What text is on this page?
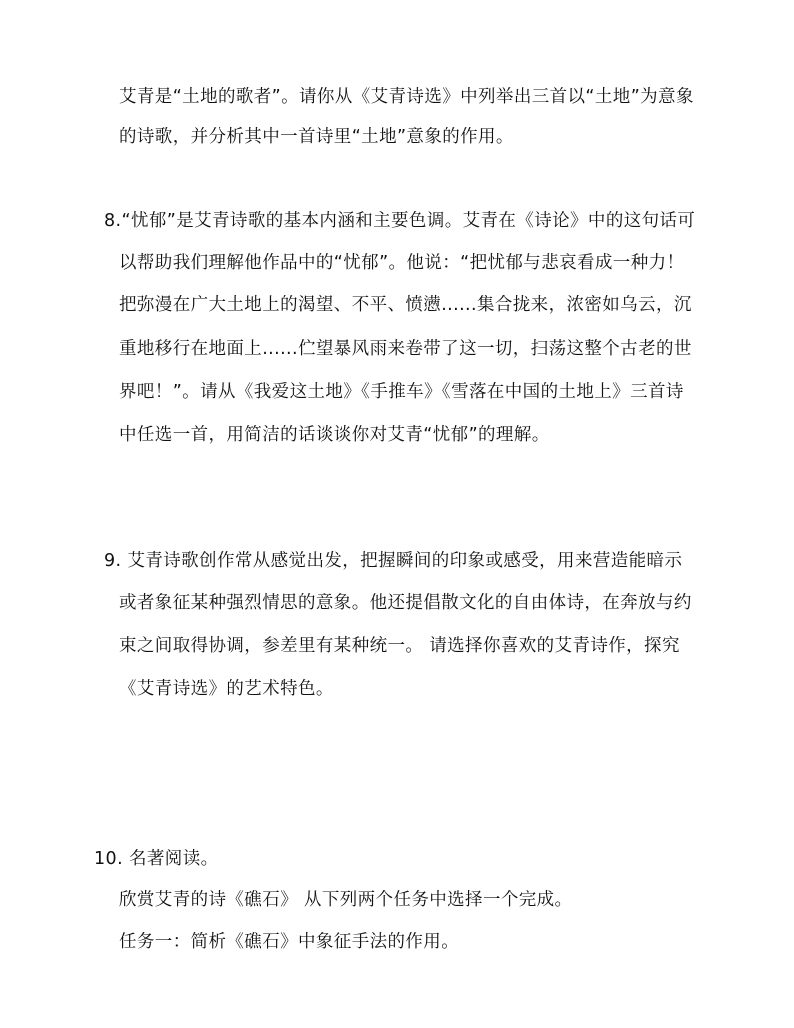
艾青是“土地的歌者”。请你从《艾青诗选》中列举出三首以“土地”为意象
的诗歌，并分析其中一首诗里“土地”意象的作用。
8.“忧郁”是艾青诗歌的基本内涵和主要色调。艾青在《诗论》中的这句话可
以帮助我们理解他作品中的“忧郁”。他说：“把忧郁与悲哀看成一种力！
把弥漫在广大土地上的渴望、不平、愤懑......集合拢来，浓密如乌云，沉
重地移行在地面上......伫望暴风雨来卷带了这一切，扫荡这整个古老的世
界吧！”。请从《我爱这土地》《手推车》《雪落在中国的土地上》三首诗
中任选一首，用简洁的话谈谈你对艾青“忧郁”的理解。
9. 艾青诗歌创作常从感觉出发，把握瞬间的印象或感受，用来营造能暗示
或者象征某种强烈情思的意象。他还提倡散文化的自由体诗，在奔放与约
束之间取得协调，参差里有某种统一。 请选择你喜欢的艾青诗作，探究
《艾青诗选》的艺术特色。
10. 名著阅读。
欣赏艾青的诗《礁石》 从下列两个任务中选择一个完成。
任务一：简析《礁石》中象征手法的作用。
